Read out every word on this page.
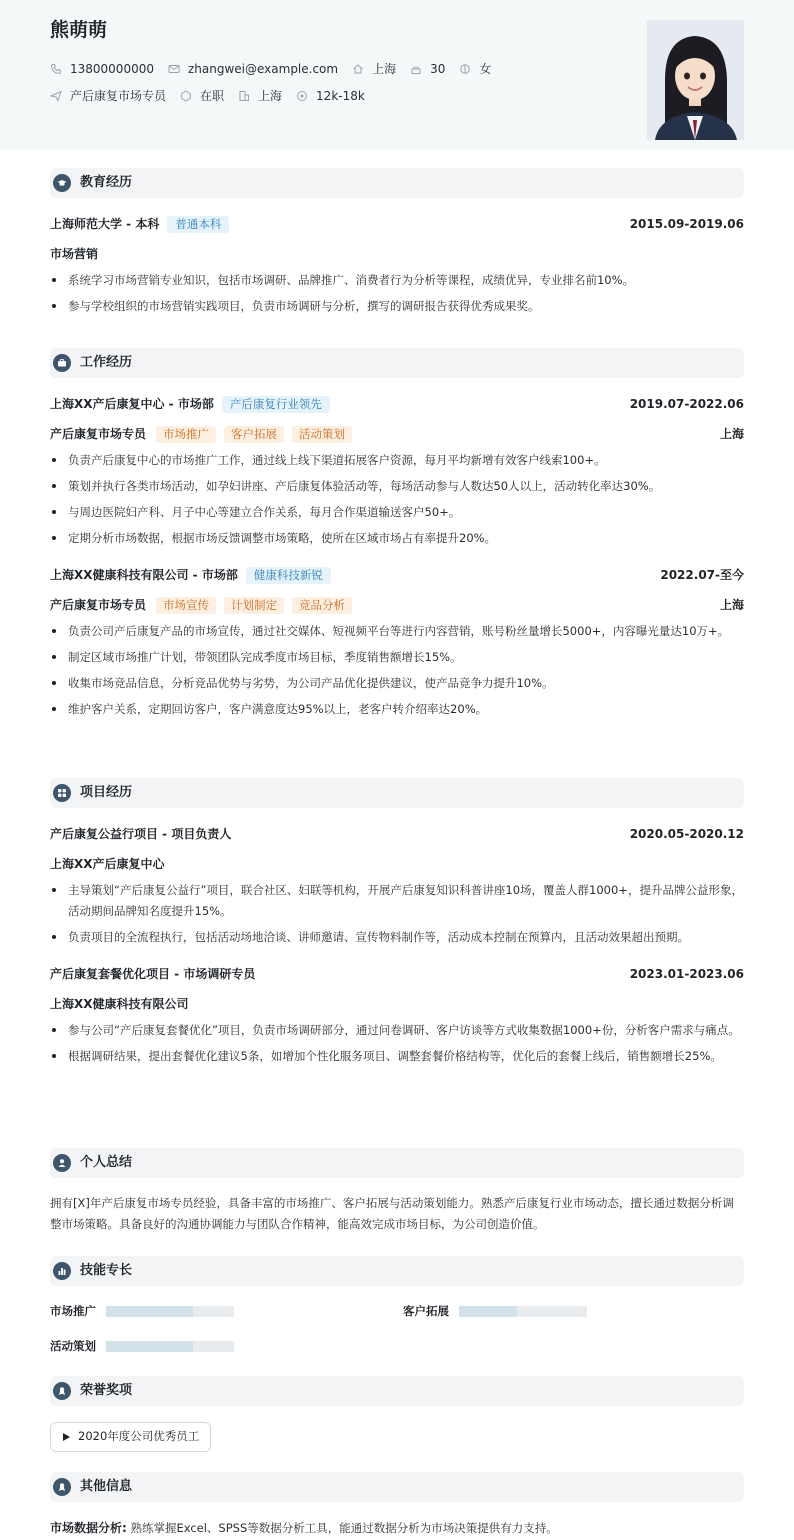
熊萌萌
13800000000	zhangwei@example.com	上海	30	女
产后康复市场专员	在职	上海	12k-18k
教育经历
上海师范大学 - 本科	普通本科	2015.09-2019.06
市场营销
系统学习市场营销专业知识，包括市场调研、品牌推广、消费者行为分析等课程，成绩优异，专业排名前10%。
参与学校组织的市场营销实践项目，负责市场调研与分析，撰写的调研报告获得优秀成果奖。
工作经历
上海XX产后康复中心 - 市场部	产后康复行业领先	2019.07-2022.06
产后康复市场专员	市场推广	客户拓展	活动策划	上海
负责产后康复中心的市场推广工作，通过线上线下渠道拓展客户资源，每月平均新增有效客户线索100+。
策划并执行各类市场活动，如孕妇讲座、产后康复体验活动等，每场活动参与人数达50人以上，活动转化率达30%。
与周边医院妇产科、月子中心等建立合作关系，每月合作渠道输送客户50+。
定期分析市场数据，根据市场反馈调整市场策略，使所在区域市场占有率提升20%。
上海XX健康科技有限公司 - 市场部	健康科技新锐	2022.07-至今
产后康复市场专员	市场宣传	计划制定	竞品分析	上海
负责公司产后康复产品的市场宣传，通过社交媒体、短视频平台等进行内容营销，账号粉丝量增长5000+，内容曝光量达10万+。
制定区域市场推广计划，带领团队完成季度市场目标，季度销售额增长15%。
收集市场竞品信息，分析竞品优势与劣势，为公司产品优化提供建议，使产品竞争力提升10%。
维护客户关系，定期回访客户，客户满意度达95%以上，老客户转介绍率达20%。
项目经历
产后康复公益行项目 - 项目负责人	2020.05-2020.12
上海XX产后康复中心
主导策划“产后康复公益行”项目，联合社区、妇联等机构，开展产后康复知识科普讲座10场，覆盖人群1000+，提升品牌公益形象，活动期间品牌知名度提升15%。
负责项目的全流程执行，包括活动场地洽谈、讲师邀请、宣传物料制作等，活动成本控制在预算内，且活动效果超出预期。
产后康复套餐优化项目 - 市场调研专员	2023.01-2023.06
上海XX健康科技有限公司
参与公司“产后康复套餐优化”项目，负责市场调研部分，通过问卷调研、客户访谈等方式收集数据1000+份，分析客户需求与痛点。
根据调研结果，提出套餐优化建议5条，如增加个性化服务项目、调整套餐价格结构等，优化后的套餐上线后，销售额增长25%。
个人总结

拥有[X]年产后康复市场专员经验，具备丰富的市场推广、客户拓展与活动策划能力。熟悉产后康复行业市场动态，擅长通过数据分析调整市场策略。具备良好的沟通协调能力与团队合作精神，能高效完成市场目标，为公司创造价值。

技能专长
市场推广	客户拓展
活动策划
荣誉奖项
2020年度公司优秀员工
其他信息

市场数据分析: 熟练掌握Excel、SPSS等数据分析工具，能通过数据分析为市场决策提供有力支持。
